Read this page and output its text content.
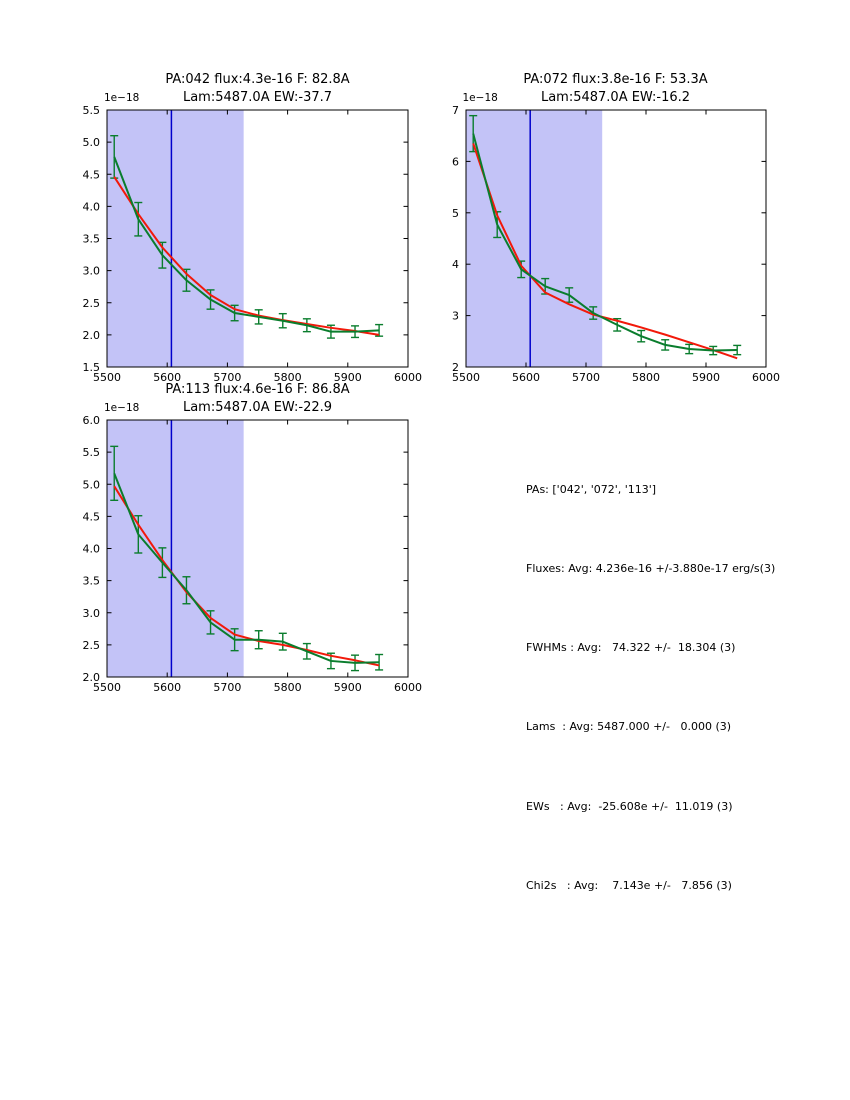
PA:042 flux:4.3e-16 F: 82.8A
Lam:5487.0A EW:-37.7
1e−18
5500	5600	5700	5800	5900	6000
1.5
2.0
2.5
3.0
3.5
4.0
4.5
5.0
5.5
PA:072 flux:3.8e-16 F: 53.3A
Lam:5487.0A EW:-16.2
1e−18
5500	5600	5700	5800	5900	6000
2
3
4
5
6
7
PA:113 flux:4.6e-16 F: 86.8A
Lam:5487.0A EW:-22.9
1e−18
5500	5600	5700	5800	5900	6000
2.0
2.5
3.0
3.5
4.0
4.5
5.0
5.5
6.0

PAs: ['042', '072', '113']

Fluxes: Avg: 4.236e-16 +/-3.880e-17 erg/s(3)

FWHMs : Avg:   74.322 +/-  18.304 (3)

Lams  : Avg: 5487.000 +/-   0.000 (3)

EWs   : Avg:  -25.608e +/-  11.019 (3)

Chi2s   : Avg:    7.143e +/-   7.856 (3)
